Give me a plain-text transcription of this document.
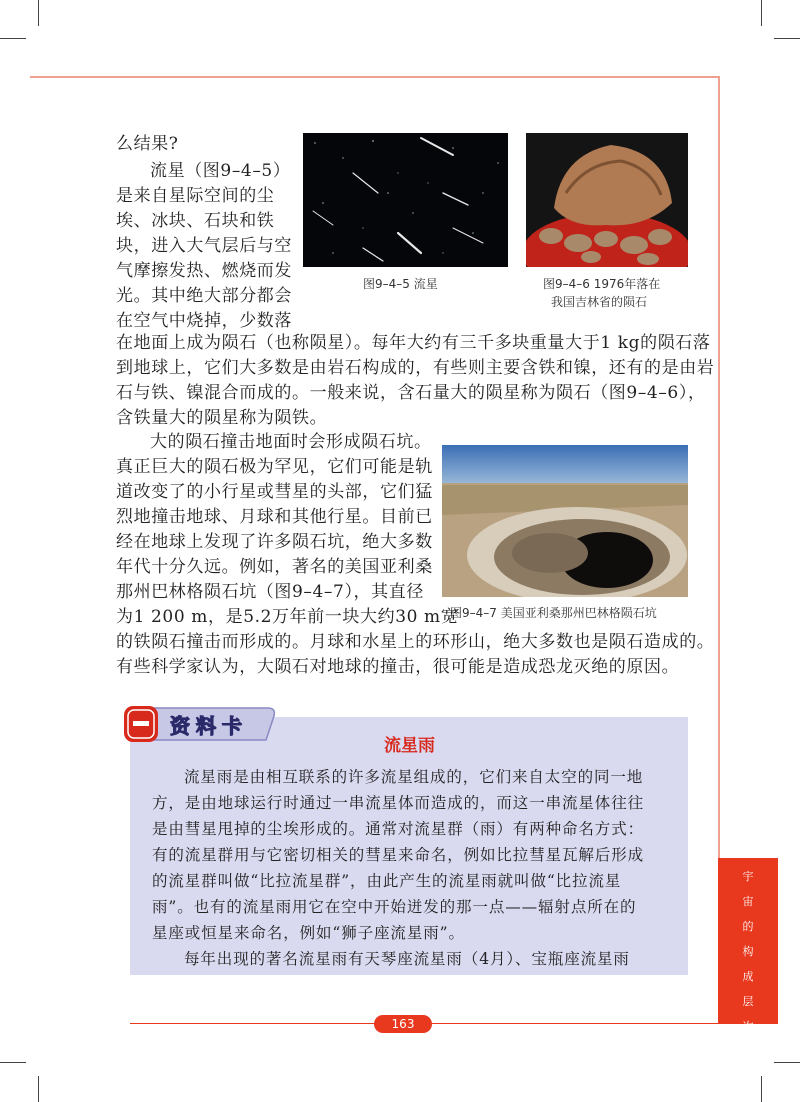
图9–4–5 流星	图9–4–6 1976年落在
我国吉林省的陨石
么结果?
流星（图9–4–5）
是来自星际空间的尘
埃、冰块、石块和铁
块，进入大气层后与空
气摩擦发热、燃烧而发
光。其中绝大部分都会
在空气中烧掉，少数落
在地面上成为陨石（也称陨星）。每年大约有三千多块重量大于1 kg的陨石落
到地球上，它们大多数是由岩石构成的，有些则主要含铁和镍，还有的是由岩
石与铁、镍混合而成的。一般来说，含石量大的陨星称为陨石（图9–4–6），
含铁量大的陨星称为陨铁。
图9–4–7 美国亚利桑那州巴林格陨石坑
大的陨石撞击地面时会形成陨石坑。
真正巨大的陨石极为罕见，它们可能是轨
道改变了的小行星或彗星的头部，它们猛
烈地撞击地球、月球和其他行星。目前已
经在地球上发现了许多陨石坑，绝大多数
年代十分久远。例如，著名的美国亚利桑
那州巴林格陨石坑（图9–4–7），其直径
为1 200 m，是5.2万年前一块大约30 m宽
的铁陨石撞击而形成的。月球和水星上的环形山，绝大多数也是陨石造成的。
有些科学家认为，大陨石对地球的撞击，很可能是造成恐龙灭绝的原因。
资料卡
流星雨
流星雨是由相互联系的许多流星组成的，它们来自太空的同一地
方，是由地球运行时通过一串流星体而造成的，而这一串流星体往往
是由彗星甩掉的尘埃形成的。通常对流星群（雨）有两种命名方式：
有的流星群用与它密切相关的彗星来命名，例如比拉彗星瓦解后形成
的流星群叫做“比拉流星群”，由此产生的流星雨就叫做“比拉流星
雨”。也有的流星雨用它在空中开始迸发的那一点——辐射点所在的
星座或恒星来命名，例如“狮子座流星雨”。
每年出现的著名流星雨有天琴座流星雨（4月）、宝瓶座流星雨
宇
宙
的
构
成
层
次
163
